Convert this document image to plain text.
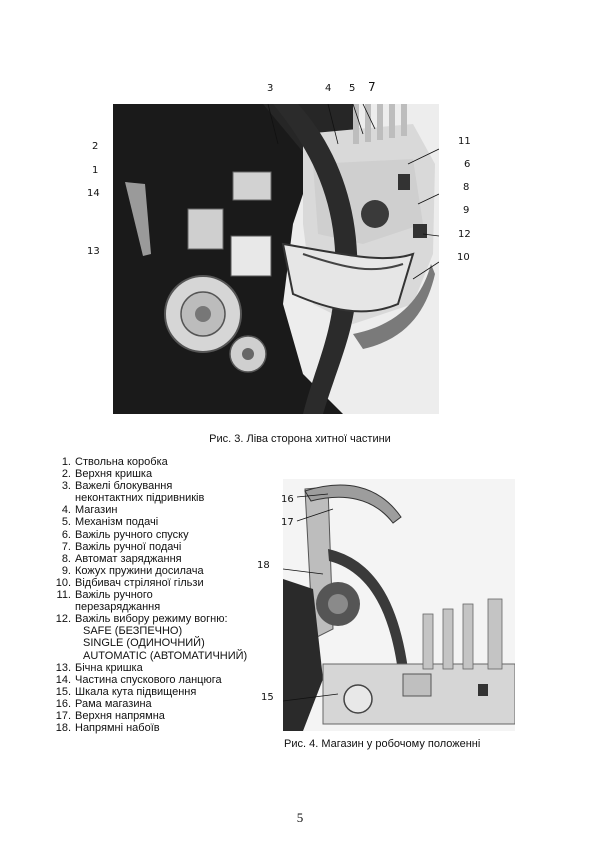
2
1
14
13
3	4 5 7
11
6
8
9
12
10
Рис. 3. Ліва сторона хитної частини
1. Ствольна коробка
2. Верхня кришка
3. Важелі блокування
неконтактних підривників
4. Магазин
5. Механізм подачі
6. Важіль ручного спуску
7. Важіль ручної подачі
8. Автомат заряджання
9. Кожух пружини досилача
10. Відбивач стріляної гільзи
11. Важіль ручного
перезаряджання
12. Важіль вибору режиму вогню:
SAFE (БЕЗПЕЧНО)
SINGLE (ОДИНОЧНИЙ)
AUTOMATIC (АВТОМАТИЧНИЙ)
13. Бічна кришка
14. Частина спускового ланцюга
15. Шкала кута підвищення
16. Рама магазина
17. Верхня напрямна
18. Напрямні набоїв
16
17
18
15
Рис. 4. Магазин у робочому положенні
5
